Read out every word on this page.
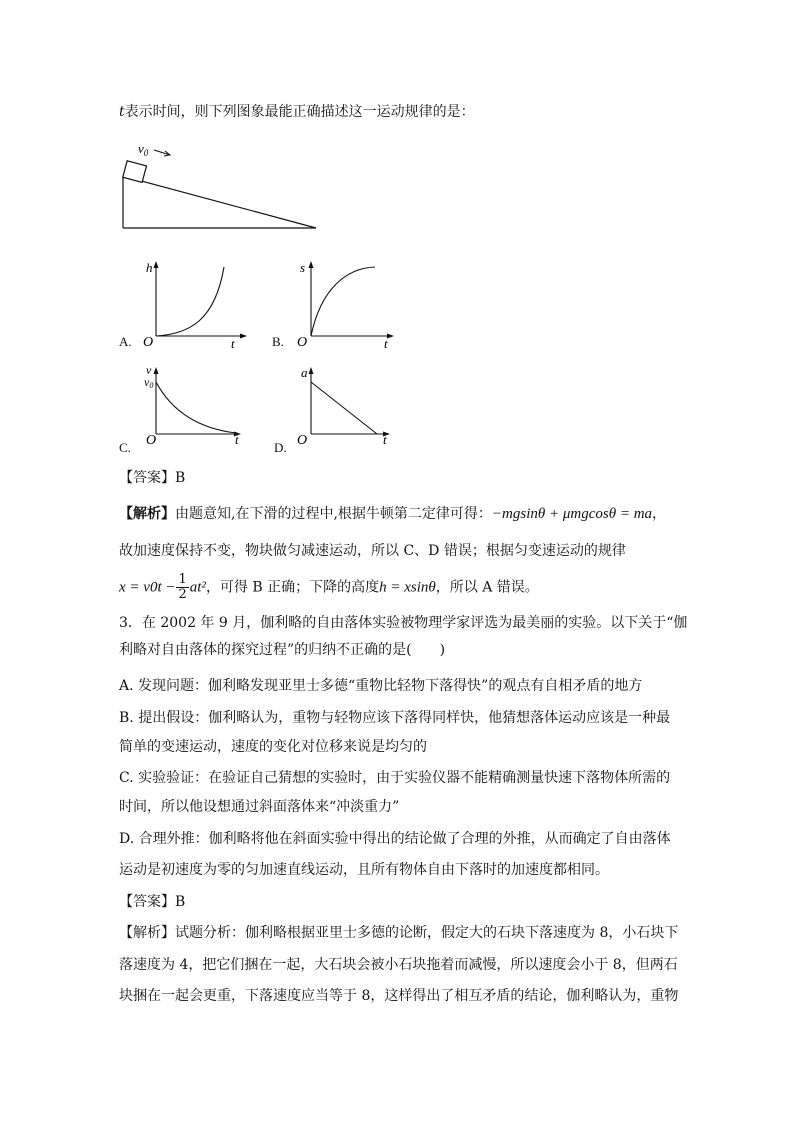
t表示时间，则下列图象最能正确描述这一运动规律的是：
$v_0$
A.
h
t
O	B.
s
t
O
C.
v
v0
t
O	D.
a
t
O
【答案】B
【解析】由题意知,在下滑的过程中,根据牛顿第二定律可得：−mgsinθ + μmgcosθ = ma，
故加速度保持不变，物块做匀减速运动，所以 C、D 错误；根据匀变速运动的规律
$x = v0t - \frac{1}{2} at^2$，可得 B 正确；下降的高度h = xsinθ，所以 A 错误。
3．在 2002 年 9 月，伽利略的自由落体实验被物理学家评选为最美丽的实验。以下关于“伽
利略对自由落体的探究过程”的归纳不正确的是(　　)
A. 发现问题：伽利略发现亚里士多德“重物比轻物下落得快”的观点有自相矛盾的地方
B. 提出假设：伽利略认为，重物与轻物应该下落得同样快，他猜想落体运动应该是一种最
简单的变速运动，速度的变化对位移来说是均匀的
C. 实验验证：在验证自己猜想的实验时，由于实验仪器不能精确测量快速下落物体所需的
时间，所以他设想通过斜面落体来“冲淡重力”
D. 合理外推：伽利略将他在斜面实验中得出的结论做了合理的外推，从而确定了自由落体
运动是初速度为零的匀加速直线运动，且所有物体自由下落时的加速度都相同。
【答案】B
【解析】试题分析：伽利略根据亚里士多德的论断，假定大的石块下落速度为 8，小石块下
落速度为 4，把它们捆在一起，大石块会被小石块拖着而减慢，所以速度会小于 8，但两石
块捆在一起会更重，下落速度应当等于 8，这样得出了相互矛盾的结论，伽利略认为，重物
